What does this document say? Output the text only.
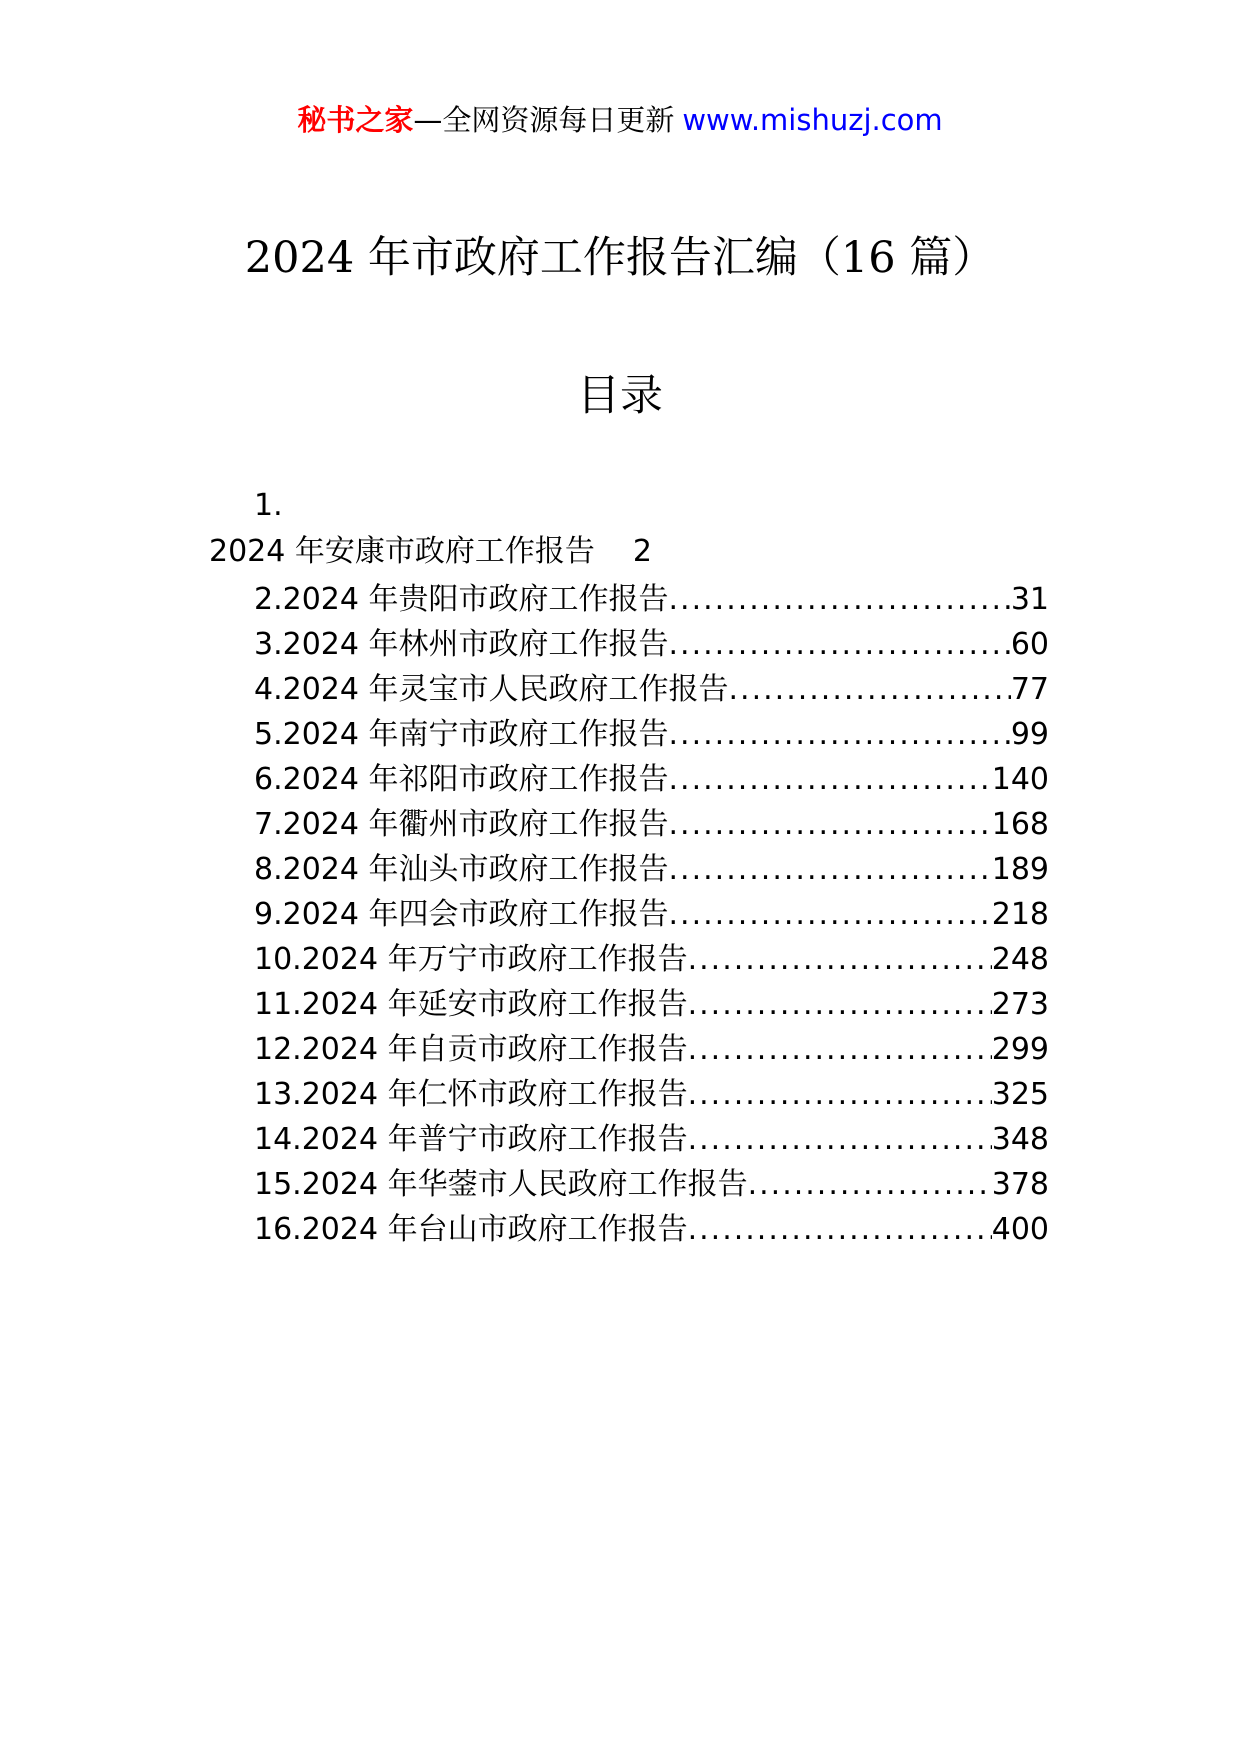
秘书之家—全网资源每日更新 www.mishuzj.com
2024 年市政府工作报告汇编（16 篇）
目录
1.
2024 年安康市政府工作报告 2
2.2024 年贵阳市政府工作报告 .....	31
3.2024 年林州市政府工作报告 .....	60
4.2024 年灵宝市人民政府工作报告 .....	77
5.2024 年南宁市政府工作报告 .....	99
6.2024 年祁阳市政府工作报告 .....	140
7.2024 年衢州市政府工作报告 .....	168
8.2024 年汕头市政府工作报告 .....	189
9.2024 年四会市政府工作报告 .....	218
10.2024 年万宁市政府工作报告 .....	248
11.2024 年延安市政府工作报告 .....	273
12.2024 年自贡市政府工作报告 .....	299
13.2024 年仁怀市政府工作报告 .....	325
14.2024 年普宁市政府工作报告 .....	348
15.2024 年华蓥市人民政府工作报告 .....	378
16.2024 年台山市政府工作报告 .....	400
